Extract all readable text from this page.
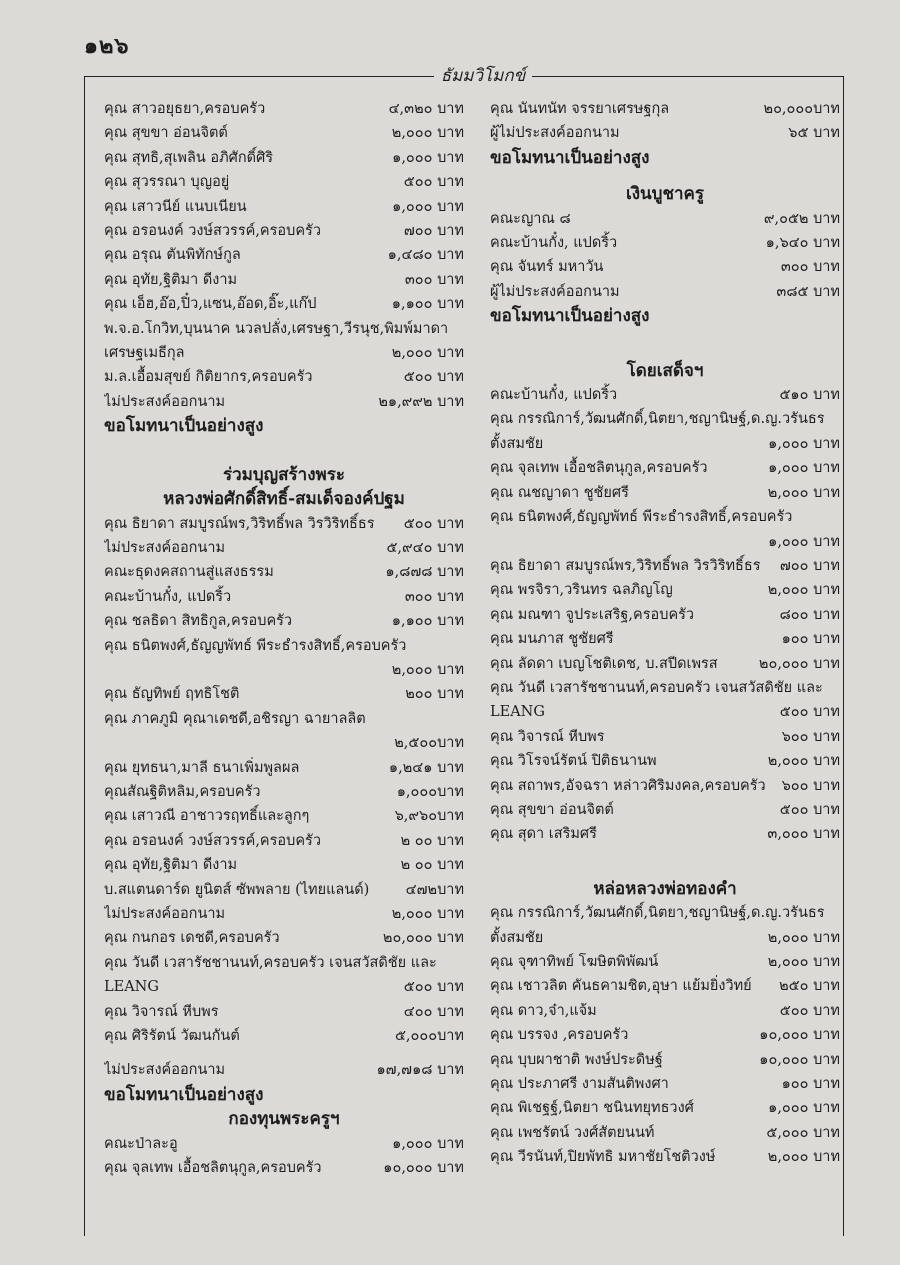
๑๒๖
ธัมมวิโมกข์
คุณ สาวอยุธยา,ครอบครัว	๔,๓๒๐ บาท
คุณ สุขขา อ่อนจิตต์	๒,๐๐๐ บาท
คุณ สุทธิ,สุเพลิน อภิศักดิ์ศิริ	๑,๐๐๐ บาท
คุณ สุวรรณา บุญอยู่	๕๐๐ บาท
คุณ เสาวนีย์ แนบเนียน	๑,๐๐๐ บาท
คุณ อรอนงค์ วงษ์สวรรค์,ครอบครัว	๗๐๐ บาท
คุณ อรุณ ตันพิทักษ์กูล	๑,๔๘๐ บาท
คุณ อุทัย,ฐิติมา ดีงาม	๓๐๐ บาท
คุณ เอ็ฮ,อ๊อ,ปิ๋ว,แซน,อ๊อด,อิ๊ะ,แก๊ป	๑,๑๐๐ บาท
พ.จ.อ.โกวิท,บุนนาค นวลปลั่ง,เศรษฐา,วีรนุช,พิมพ์มาดา
เศรษฐเมธีกุล	๒,๐๐๐ บาท
ม.ล.เอื้อมสุขย์ กิติยากร,ครอบครัว	๕๐๐ บาท
ไม่ประสงค์ออกนาม	๒๑,๙๙๒ บาท
ขอโมทนาเป็นอย่างสูง
ร่วมบุญสร้างพระ
หลวงพ่อศักดิ์สิทธิ์-สมเด็จองค์ปฐม
คุณ ธิยาดา สมบูรณ์พร,วิริทธิ์พล วิรวิริทธิ์ธร ๕๐๐ บาท
ไม่ประสงค์ออกนาม	๕,๙๔๐ บาท
คณะธุดงคสถานสู่แสงธรรม	๑,๘๗๘ บาท
คณะบ้านกั๋ง, แปดริ้ว	๓๐๐ บาท
คุณ ชลธิดา สิทธิกูล,ครอบครัว	๑,๑๐๐ บาท
คุณ ธนิตพงศ์,ธัญญพัทธ์ พีระธำรงสิทธิ์,ครอบครัว
๒,๐๐๐ บาท
คุณ ธัญทิพย์ ฤทธิโชติ	๒๐๐ บาท
คุณ ภาคภูมิ คุณาเดชดี,อชิรญา ฉายาลลิต
๒,๕๐๐บาท
คุณ ยุทธนา,มาลี ธนาเพิ่มพูลผล	๑,๒๔๑ บาท
คุณสัณฐิติหลิม,ครอบครัว	๑,๐๐๐บาท
คุณ เสาวณี อาชาวรฤทธิ์และลูกๆ	๖,๙๖๐บาท
คุณ อรอนงค์ วงษ์สวรรค์,ครอบครัว	๒ ๐๐ บาท
คุณ อุทัย,ฐิติมา ดีงาม	๒ ๐๐ บาท
บ.สแตนดาร์ด ยูนิตส์ ซัพพลาย (ไทยแลนด์)	๔๗๒บาท
ไม่ประสงค์ออกนาม	๒,๐๐๐ บาท
คุณ กนกอร เดชดี,ครอบครัว	๒๐,๐๐๐ บาท
คุณ วันดี เวสารัชชานนท์,ครอบครัว เจนสวัสดิชัย และ
LEANG	๕๐๐ บาท
คุณ วิจารณ์ หีบพร	๔๐๐ บาท
คุณ ศิริรัตน์ วัฒนกันต์	๕,๐๐๐บาท
ไม่ประสงค์ออกนาม	๑๗,๗๑๘ บาท
ขอโมทนาเป็นอย่างสูง
กองทุนพระครูฯ
คณะป่าละอู	๑,๐๐๐ บาท
คุณ จุลเทพ เอื้อชลิตนุกูล,ครอบครัว	๑๐,๐๐๐ บาท
คุณ นันทนัท จรรยาเศรษฐกุล	๒๐,๐๐๐บาท
ผู้ไม่ประสงค์ออกนาม	๖๕ บาท
ขอโมทนาเป็นอย่างสูง
เงินบูชาครู
คณะญาณ ๘	๙,๐๕๒ บาท
คณะบ้านกั๋ง, แปดริ้ว	๑,๖๔๐ บาท
คุณ จันทร์ มหาวัน	๓๐๐ บาท
ผู้ไม่ประสงค์ออกนาม	๓๘๕ บาท
ขอโมทนาเป็นอย่างสูง
โดยเสด็จฯ
คณะบ้านกั๋ง, แปดริ้ว	๕๑๐ บาท
คุณ กรรณิการ์,วัฒนศักดิ์,นิตยา,ชญานิษฐ์,ด.ญ.วรันธร
ตั้งสมชัย	๑,๐๐๐ บาท
คุณ จุลเทพ เอื้อชลิตนุกูล,ครอบครัว	๑,๐๐๐ บาท
คุณ ณชญาดา ชูชัยศรี	๒,๐๐๐ บาท
คุณ ธนิตพงศ์,ธัญญพัทธ์ พีระธำรงสิทธิ์,ครอบครัว
๑,๐๐๐ บาท
คุณ ธิยาดา สมบูรณ์พร,วิริทธิ์พล วิรวิริทธิ์ธร ๗๐๐ บาท
คุณ พรจิรา,วรินทร ฉลภิญโญ	๒,๐๐๐ บาท
คุณ มณฑา จูประเสริฐ,ครอบครัว	๘๐๐ บาท
คุณ มนภาส ชูชัยศรี	๑๐๐ บาท
คุณ ลัดดา เบญโชติเดช, บ.สปีดเพรส	๒๐,๐๐๐ บาท
คุณ วันดี เวสารัชชานนท์,ครอบครัว เจนสวัสดิชัย และ
LEANG	๕๐๐ บาท
คุณ วิจารณ์ หีบพร	๖๐๐ บาท
คุณ วิโรจน์รัตน์ ปิติธนานพ	๒,๐๐๐ บาท
คุณ สถาพร,อัจฉรา หล่าวศิริมงคล,ครอบครัว ๖๐๐ บาท
คุณ สุขขา อ่อนจิตต์	๕๐๐ บาท
คุณ สุดา เสริมศรี	๓,๐๐๐ บาท
หล่อหลวงพ่อทองคำ
คุณ กรรณิการ์,วัฒนศักดิ์,นิตยา,ชญานิษฐ์,ด.ญ.วรันธร
ตั้งสมชัย	๒,๐๐๐ บาท
คุณ จุฑาทิพย์ โฆษิตพิพัฒน์	๒,๐๐๐ บาท
คุณ เชาวลิต คันธคามชิต,อุษา แย้มยิ่งวิทย์ ๒๕๐ บาท
คุณ ดาว,จ๋า,แจ้ม	๕๐๐ บาท
คุณ บรรจง ,ครอบครัว	๑๐,๐๐๐ บาท
คุณ บุบผาชาติ พงษ์ประดิษฐ์	๑๐,๐๐๐ บาท
คุณ ประภาศรี งามสันติพงศา	๑๐๐ บาท
คุณ พิเชฐฐ์,นิตยา ชนินทยุทธวงศ์	๑,๐๐๐ บาท
คุณ เพชรัตน์ วงศ์สัตยนนท์	๕,๐๐๐ บาท
คุณ วีรนันท์,ปิยพัทธิ มหาชัยโชติวงษ์	๒,๐๐๐ บาท
